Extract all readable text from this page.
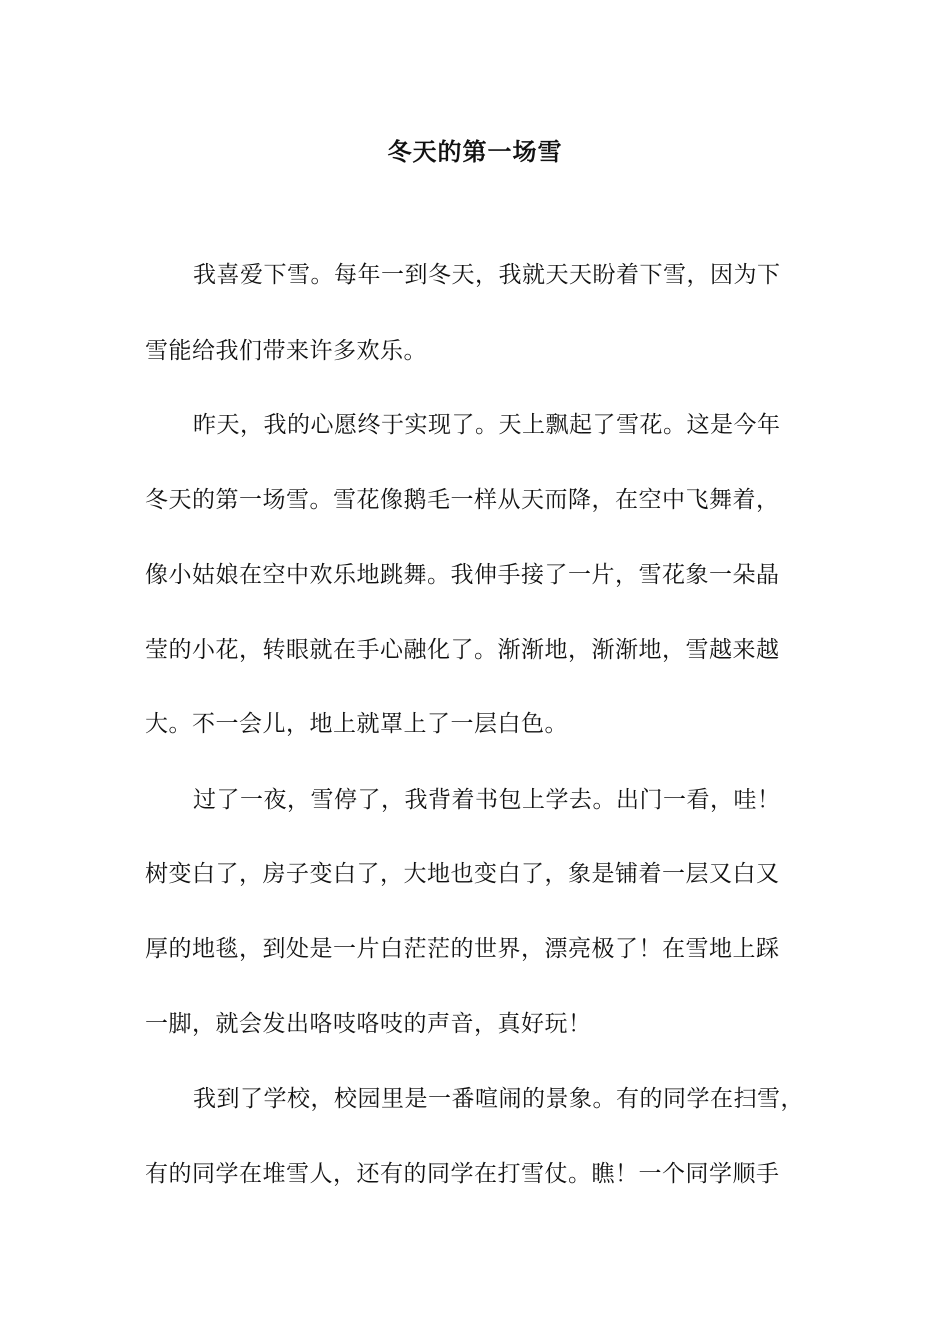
冬天的第一场雪
我喜爱下雪。每年一到冬天，我就天天盼着下雪，因为下
雪能给我们带来许多欢乐。
昨天，我的心愿终于实现了。天上飘起了雪花。这是今年
冬天的第一场雪。雪花像鹅毛一样从天而降，在空中飞舞着，
像小姑娘在空中欢乐地跳舞。我伸手接了一片，雪花象一朵晶
莹的小花，转眼就在手心融化了。渐渐地，渐渐地，雪越来越
大。不一会儿，地上就罩上了一层白色。
过了一夜，雪停了，我背着书包上学去。出门一看，哇！
树变白了，房子变白了，大地也变白了，象是铺着一层又白又
厚的地毯，到处是一片白茫茫的世界，漂亮极了！在雪地上踩
一脚，就会发出咯吱咯吱的声音，真好玩！
我到了学校，校园里是一番喧闹的景象。有的同学在扫雪，
有的同学在堆雪人，还有的同学在打雪仗。瞧！一个同学顺手
